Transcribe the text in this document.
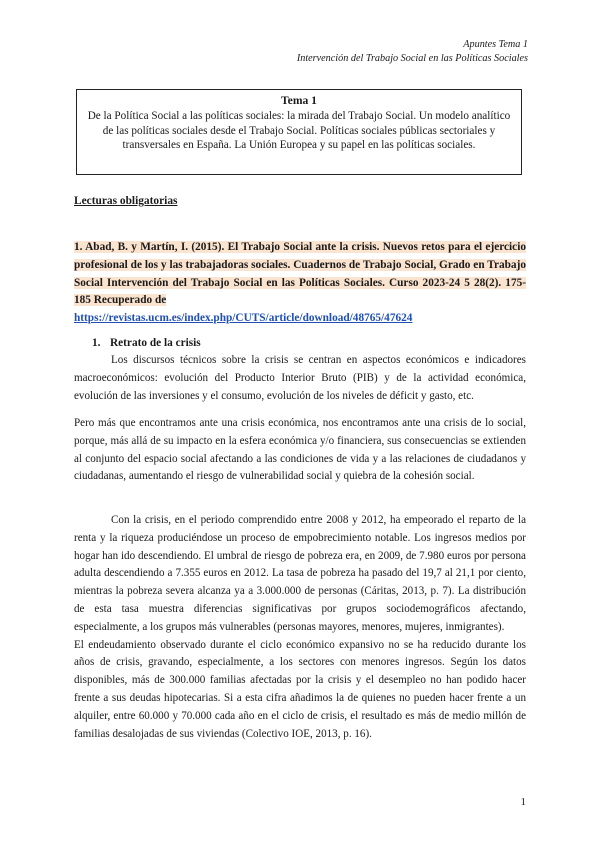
Apuntes Tema 1
Intervención del Trabajo Social en las Políticas Sociales
Tema 1
De la Política Social a las políticas sociales: la mirada del Trabajo Social. Un modelo analítico de las políticas sociales desde el Trabajo Social. Políticas sociales públicas sectoriales y transversales en España. La Unión Europea y su papel en las políticas sociales.
Lecturas obligatorias
1. Abad, B. y Martín, I. (2015). El Trabajo Social ante la crisis. Nuevos retos para el ejercicio profesional de los y las trabajadoras sociales. Cuadernos de Trabajo Social, Grado en Trabajo Social Intervención del Trabajo Social en las Políticas Sociales. Curso 2023-24 5 28(2). 175-185 Recuperado de
https://revistas.ucm.es/index.php/CUTS/article/download/48765/47624
1. Retrato de la crisis
Los discursos técnicos sobre la crisis se centran en aspectos económicos e indicadores macroeconómicos: evolución del Producto Interior Bruto (PIB) y de la actividad económica, evolución de las inversiones y el consumo, evolución de los niveles de déficit y gasto, etc.
Pero más que encontramos ante una crisis económica, nos encontramos ante una crisis de lo social, porque, más allá de su impacto en la esfera económica y/o financiera, sus consecuencias se extienden al conjunto del espacio social afectando a las condiciones de vida y a las relaciones de ciudadanos y ciudadanas, aumentando el riesgo de vulnerabilidad social y quiebra de la cohesión social.
Con la crisis, en el periodo comprendido entre 2008 y 2012, ha empeorado el reparto de la renta y la riqueza produciéndose un proceso de empobrecimiento notable. Los ingresos medios por hogar han ido descendiendo. El umbral de riesgo de pobreza era, en 2009, de 7.980 euros por persona adulta descendiendo a 7.355 euros en 2012. La tasa de pobreza ha pasado del 19,7 al 21,1 por ciento, mientras la pobreza severa alcanza ya a 3.000.000 de personas (Cáritas, 2013, p. 7). La distribución de esta tasa muestra diferencias significativas por grupos sociodemográficos afectando, especialmente, a los grupos más vulnerables (personas mayores, menores, mujeres, inmigrantes).
El endeudamiento observado durante el ciclo económico expansivo no se ha reducido durante los años de crisis, gravando, especialmente, a los sectores con menores ingresos. Según los datos disponibles, más de 300.000 familias afectadas por la crisis y el desempleo no han podido hacer frente a sus deudas hipotecarias. Si a esta cifra añadimos la de quienes no pueden hacer frente a un alquiler, entre 60.000 y 70.000 cada año en el ciclo de crisis, el resultado es más de medio millón de familias desalojadas de sus viviendas (Colectivo IOE, 2013, p. 16).
1
